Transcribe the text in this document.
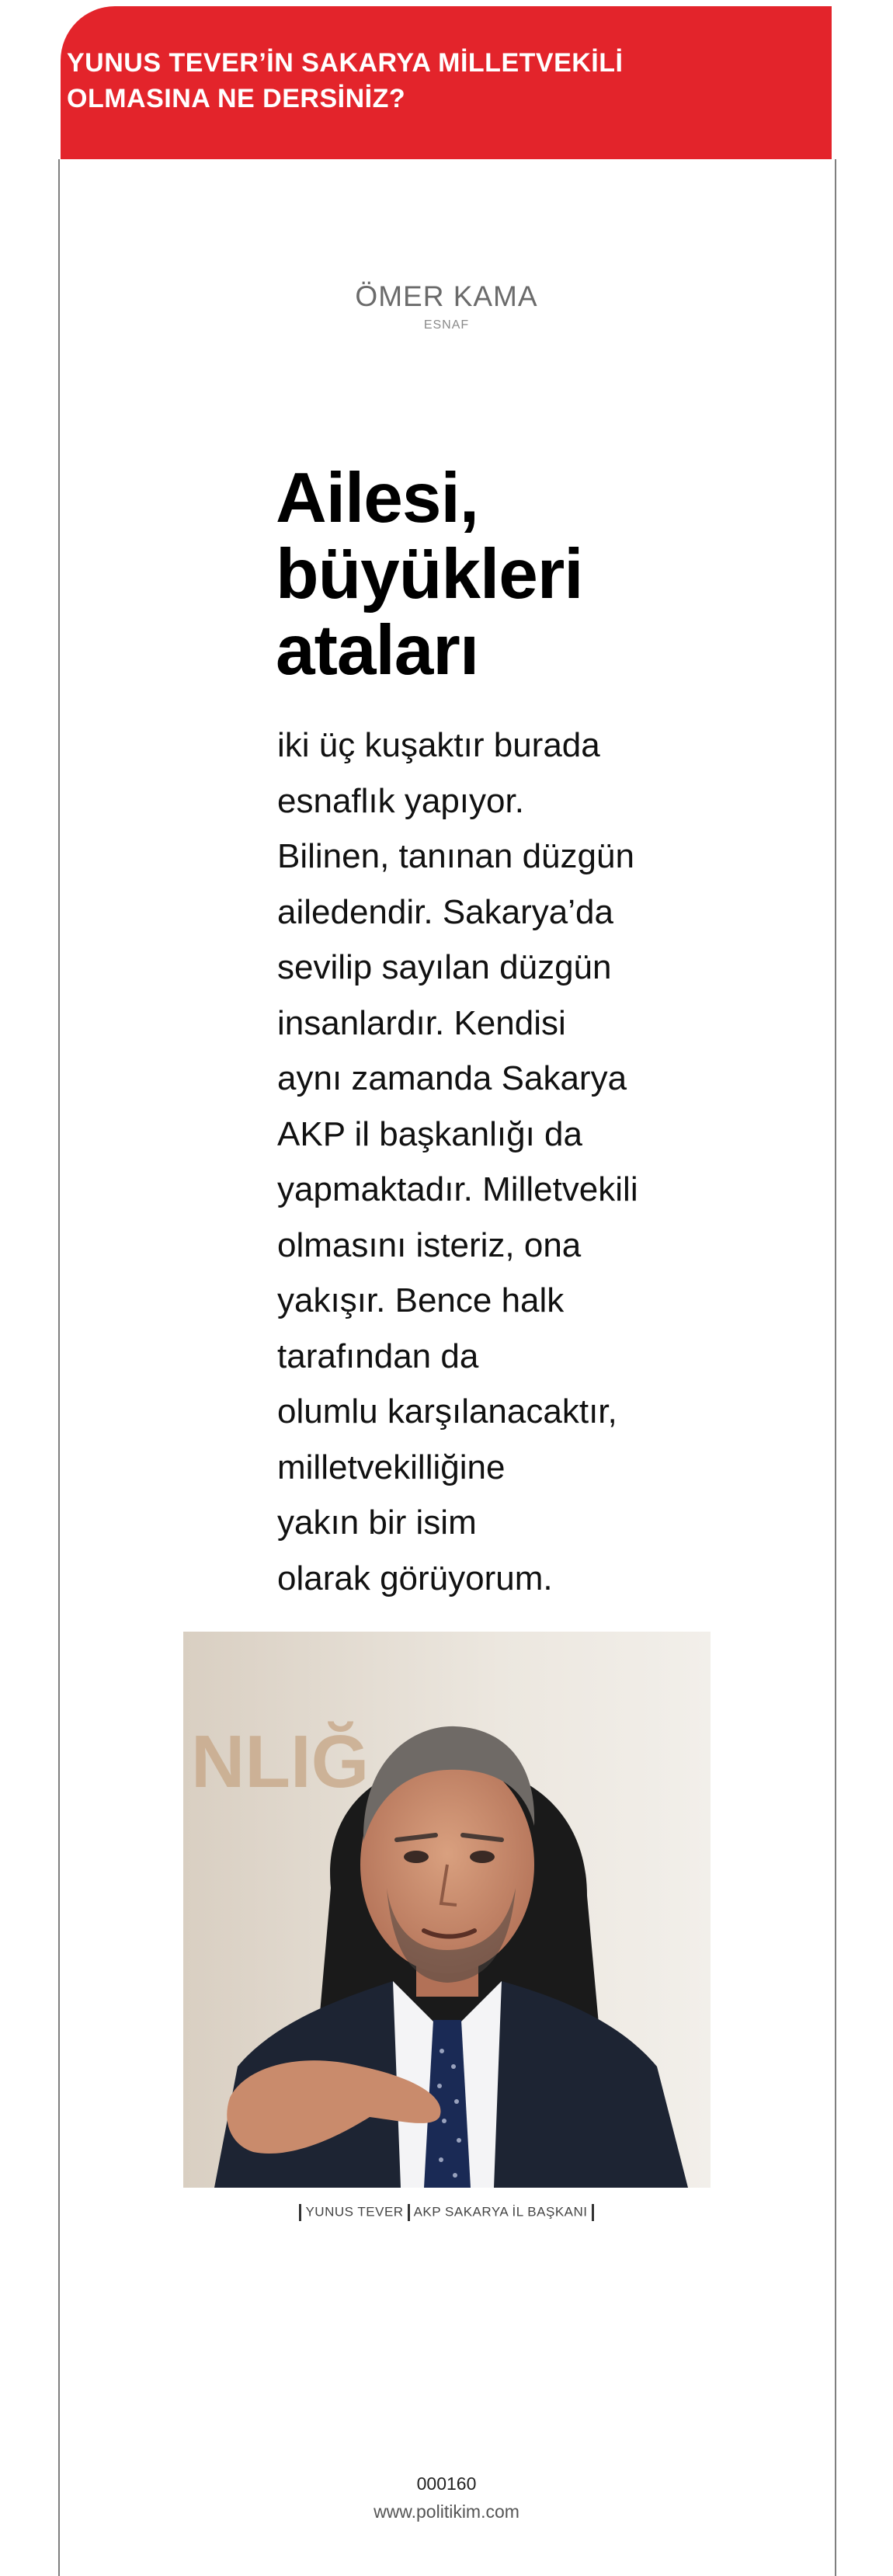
YUNUS TEVER’İN SAKARYA MİLLETVEKİLİ
OLMASINA NE DERSİNİZ?
ÖMER KAMA
ESNAF
Ailesi,
büyükleri
ataları
iki üç kuşaktır burada
esnaflık yapıyor.
Bilinen, tanınan düzgün
ailedendir. Sakarya’da
sevilip sayılan düzgün
insanlardır. Kendisi
aynı zamanda Sakarya
AKP il başkanlığı da
yapmaktadır. Milletvekili
olmasını isteriz, ona
yakışır. Bence halk
tarafından da
olumlu karşılanacaktır,
milletvekilliğine
yakın bir isim
olarak görüyorum.
NLIĞ
YUNUS TEVER AKP SAKARYA İL BAŞKANI
000160
www.politikim.com
